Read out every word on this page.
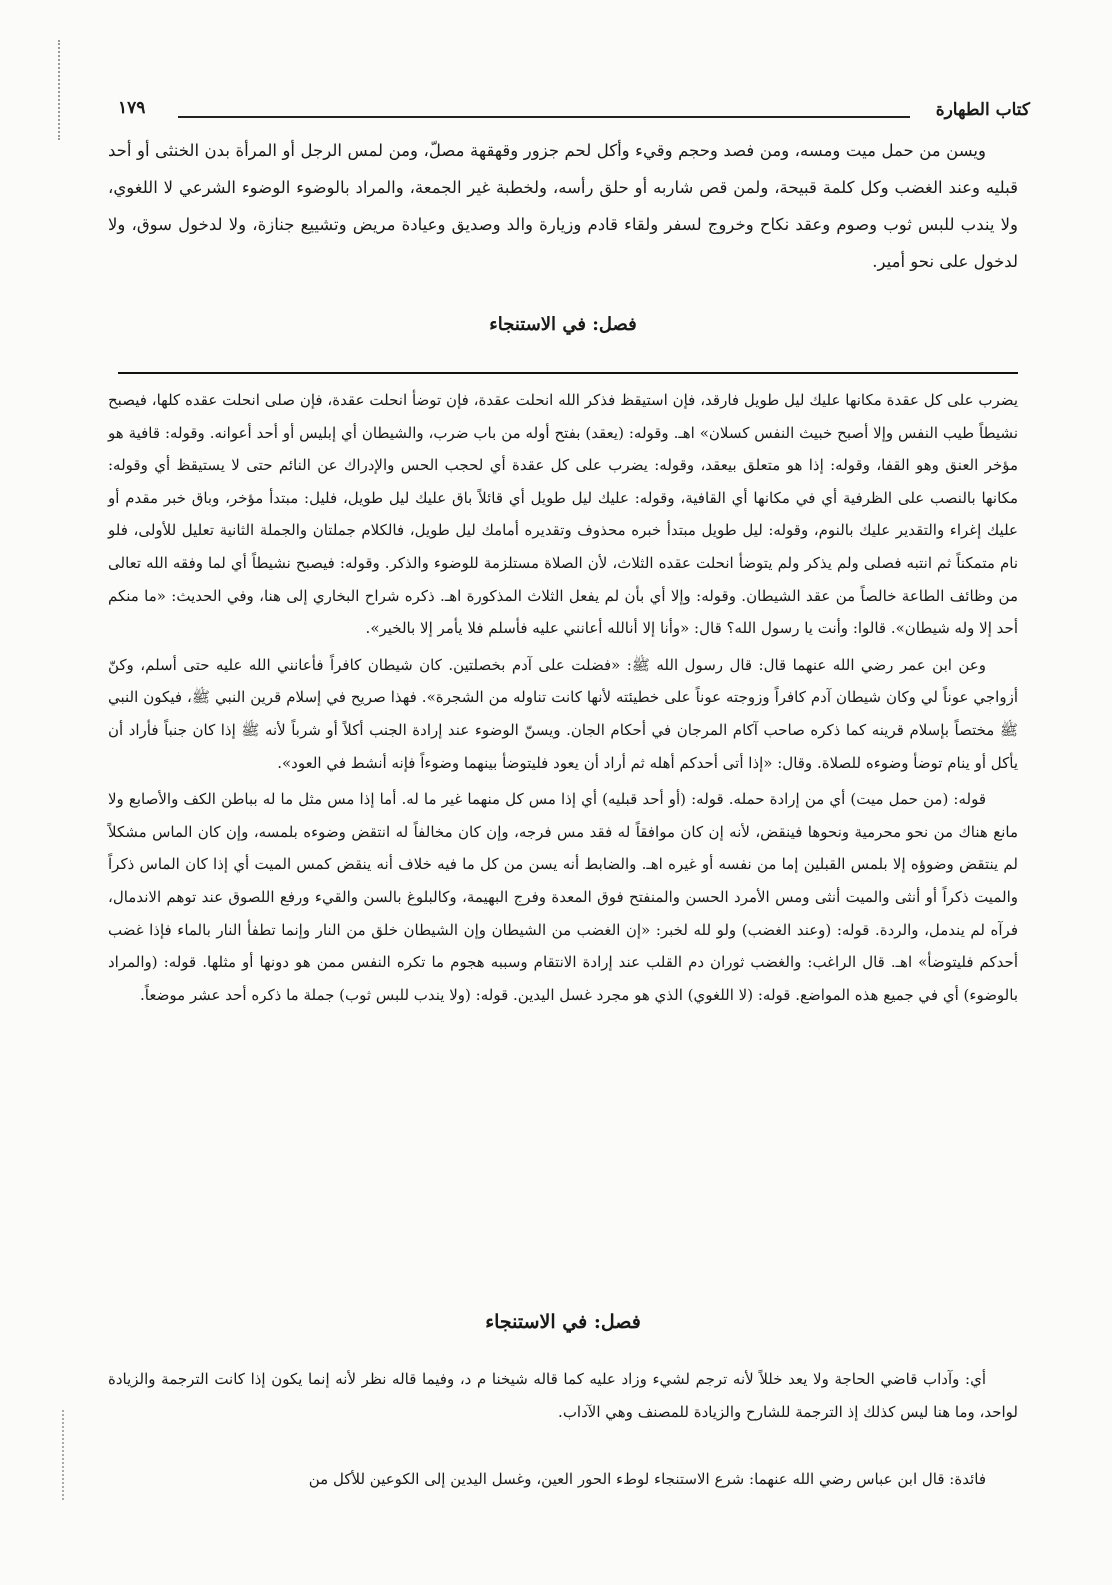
كتاب الطهارة
١٧٩

ويسن من حمل ميت ومسه، ومن فصد وحجم وقيء وأكل لحم جزور وقهقهة مصلّ، ومن لمس الرجل أو المرأة بدن الخنثى أو أحد قبليه وعند الغضب وكل كلمة قبيحة، ولمن قص شاربه أو حلق رأسه، ولخطبة غير الجمعة، والمراد بالوضوء الوضوء الشرعي لا اللغوي، ولا يندب للبس ثوب وصوم وعقد نكاح وخروج لسفر ولقاء قادم وزيارة والد وصديق وعيادة مريض وتشييع جنازة، ولا لدخول سوق، ولا لدخول على نحو أمير.

فصل: في الاستنجاء

يضرب على كل عقدة مكانها عليك ليل طويل فارقد، فإن استيقظ فذكر الله انحلت عقدة، فإن توضأ انحلت عقدة، فإن صلى انحلت عقده كلها، فيصبح نشيطاً طيب النفس وإلا أصبح خبيث النفس كسلان» اهـ. وقوله: (يعقد) بفتح أوله من باب ضرب، والشيطان أي إبليس أو أحد أعوانه. وقوله: قافية هو مؤخر العنق وهو القفا، وقوله: إذا هو متعلق بيعقد، وقوله: يضرب على كل عقدة أي لحجب الحس والإدراك عن النائم حتى لا يستيقظ أي وقوله: مكانها بالنصب على الظرفية أي في مكانها أي القافية، وقوله: عليك ليل طويل أي قائلاً باق عليك ليل طويل، فليل: مبتدأ مؤخر، وباق خبر مقدم أو عليك إغراء والتقدير عليك بالنوم، وقوله: ليل طويل مبتدأ خبره محذوف وتقديره أمامك ليل طويل، فالكلام جملتان والجملة الثانية تعليل للأولى، فلو نام متمكناً ثم انتبه فصلى ولم يذكر ولم يتوضأ انحلت عقده الثلاث، لأن الصلاة مستلزمة للوضوء والذكر. وقوله: فيصبح نشيطاً أي لما وفقه الله تعالى من وظائف الطاعة خالصاً من عقد الشيطان. وقوله: وإلا أي بأن لم يفعل الثلاث المذكورة اهـ. ذكره شراح البخاري إلى هنا، وفي الحديث: «ما منكم أحد إلا وله شيطان». قالوا: وأنت يا رسول الله؟ قال: «وأنا إلا أنالله أعانني عليه فأسلم فلا يأمر إلا بالخير».

وعن ابن عمر رضي الله عنهما قال: قال رسول الله ﷺ: «فضلت على آدم بخصلتين. كان شيطان كافراً فأعانني الله عليه حتى أسلم، وكنّ أزواجي عوناً لي وكان شيطان آدم كافراً وزوجته عوناً على خطيئته لأنها كانت تناوله من الشجرة». فهذا صريح في إسلام قرين النبي ﷺ، فيكون النبي ﷺ مختصاً بإسلام قرينه كما ذكره صاحب آكام المرجان في أحكام الجان. ويسنّ الوضوء عند إرادة الجنب أكلاً أو شرباً لأنه ﷺ إذا كان جنباً فأراد أن يأكل أو ينام توضأ وضوءه للصلاة. وقال: «إذا أتى أحدكم أهله ثم أراد أن يعود فليتوضأ بينهما وضوءاً فإنه أنشط في العود».

قوله: (من حمل ميت) أي من إرادة حمله. قوله: (أو أحد قبليه) أي إذا مس كل منهما غير ما له. أما إذا مس مثل ما له بباطن الكف والأصابع ولا مانع هناك من نحو محرمية ونحوها فينقض، لأنه إن كان موافقاً له فقد مس فرجه، وإن كان مخالفاً له انتقض وضوءه بلمسه، وإن كان الماس مشكلاً لم ينتقض وضوؤه إلا بلمس القبلين إما من نفسه أو غيره اهـ. والضابط أنه يسن من كل ما فيه خلاف أنه ينقض كمس الميت أي إذا كان الماس ذكراً والميت ذكراً أو أنثى والميت أنثى ومس الأمرد الحسن والمنفتح فوق المعدة وفرج البهيمة، وكالبلوغ بالسن والقيء ورفع اللصوق عند توهم الاندمال، فرآه لم يندمل، والردة. قوله: (وعند الغضب) ولو لله لخبر: «إن الغضب من الشيطان وإن الشيطان خلق من النار وإنما تطفأ النار بالماء فإذا غضب أحدكم فليتوضأ» اهـ. قال الراغب: والغضب ثوران دم القلب عند إرادة الانتقام وسببه هجوم ما تكره النفس ممن هو دونها أو مثلها. قوله: (والمراد بالوضوء) أي في جميع هذه المواضع. قوله: (لا اللغوي) الذي هو مجرد غسل اليدين. قوله: (ولا يندب للبس ثوب) جملة ما ذكره أحد عشر موضعاً.

فصل: في الاستنجاء

أي: وآداب قاضي الحاجة ولا يعد خللاً لأنه ترجم لشيء وزاد عليه كما قاله شيخنا م د، وفيما قاله نظر لأنه إنما يكون إذا كانت الترجمة والزيادة لواحد، وما هنا ليس كذلك إذ الترجمة للشارح والزيادة للمصنف وهي الآداب.

فائدة: قال ابن عباس رضي الله عنهما: شرع الاستنجاء لوطء الحور العين، وغسل اليدين إلى الكوعين للأكل من
